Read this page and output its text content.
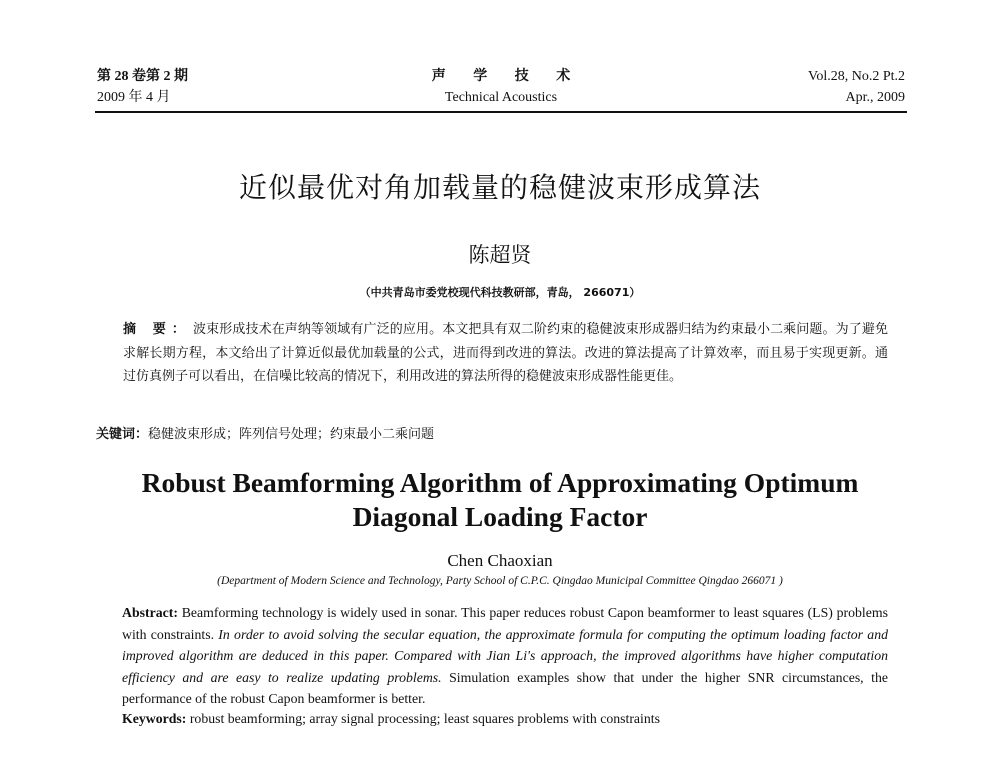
第 28 卷第 2 期
2009 年 4 月
声 学 技 术
Technical Acoustics
Vol.28, No.2 Pt.2
Apr., 2009
近似最优对角加载量的稳健波束形成算法
陈超贤
（中共青岛市委党校现代科技教研部，青岛， 266071）
摘 要： 波束形成技术在声纳等领域有广泛的应用。本文把具有双二阶约束的稳健波束形成器归结为约束最小二乘问题。为了避免求解长期方程，本文给出了计算近似最优加载量的公式，进而得到改进的算法。改进的算法提高了计算效率，而且易于实现更新。通过仿真例子可以看出，在信噪比较高的情况下，利用改进的算法所得的稳健波束形成器性能更佳。
关键词：稳健波束形成；阵列信号处理；约束最小二乘问题
Robust Beamforming Algorithm of Approximating Optimum
Diagonal Loading Factor
Chen Chaoxian
(Department of Modern Science and Technology, Party School of C.P.C. Qingdao Municipal Committee Qingdao 266071 )
Abstract: Beamforming technology is widely used in sonar. This paper reduces robust Capon beamformer to least squares (LS) problems with constraints. In order to avoid solving the secular equation, the approximate formula for computing the optimum loading factor and improved algorithm are deduced in this paper. Compared with Jian Li's approach, the improved algorithms have higher computation efficiency and are easy to realize updating problems. Simulation examples show that under the higher SNR circumstances, the performance of the robust Capon beamformer is better.
Keywords: robust beamforming; array signal processing; least squares problems with constraints
